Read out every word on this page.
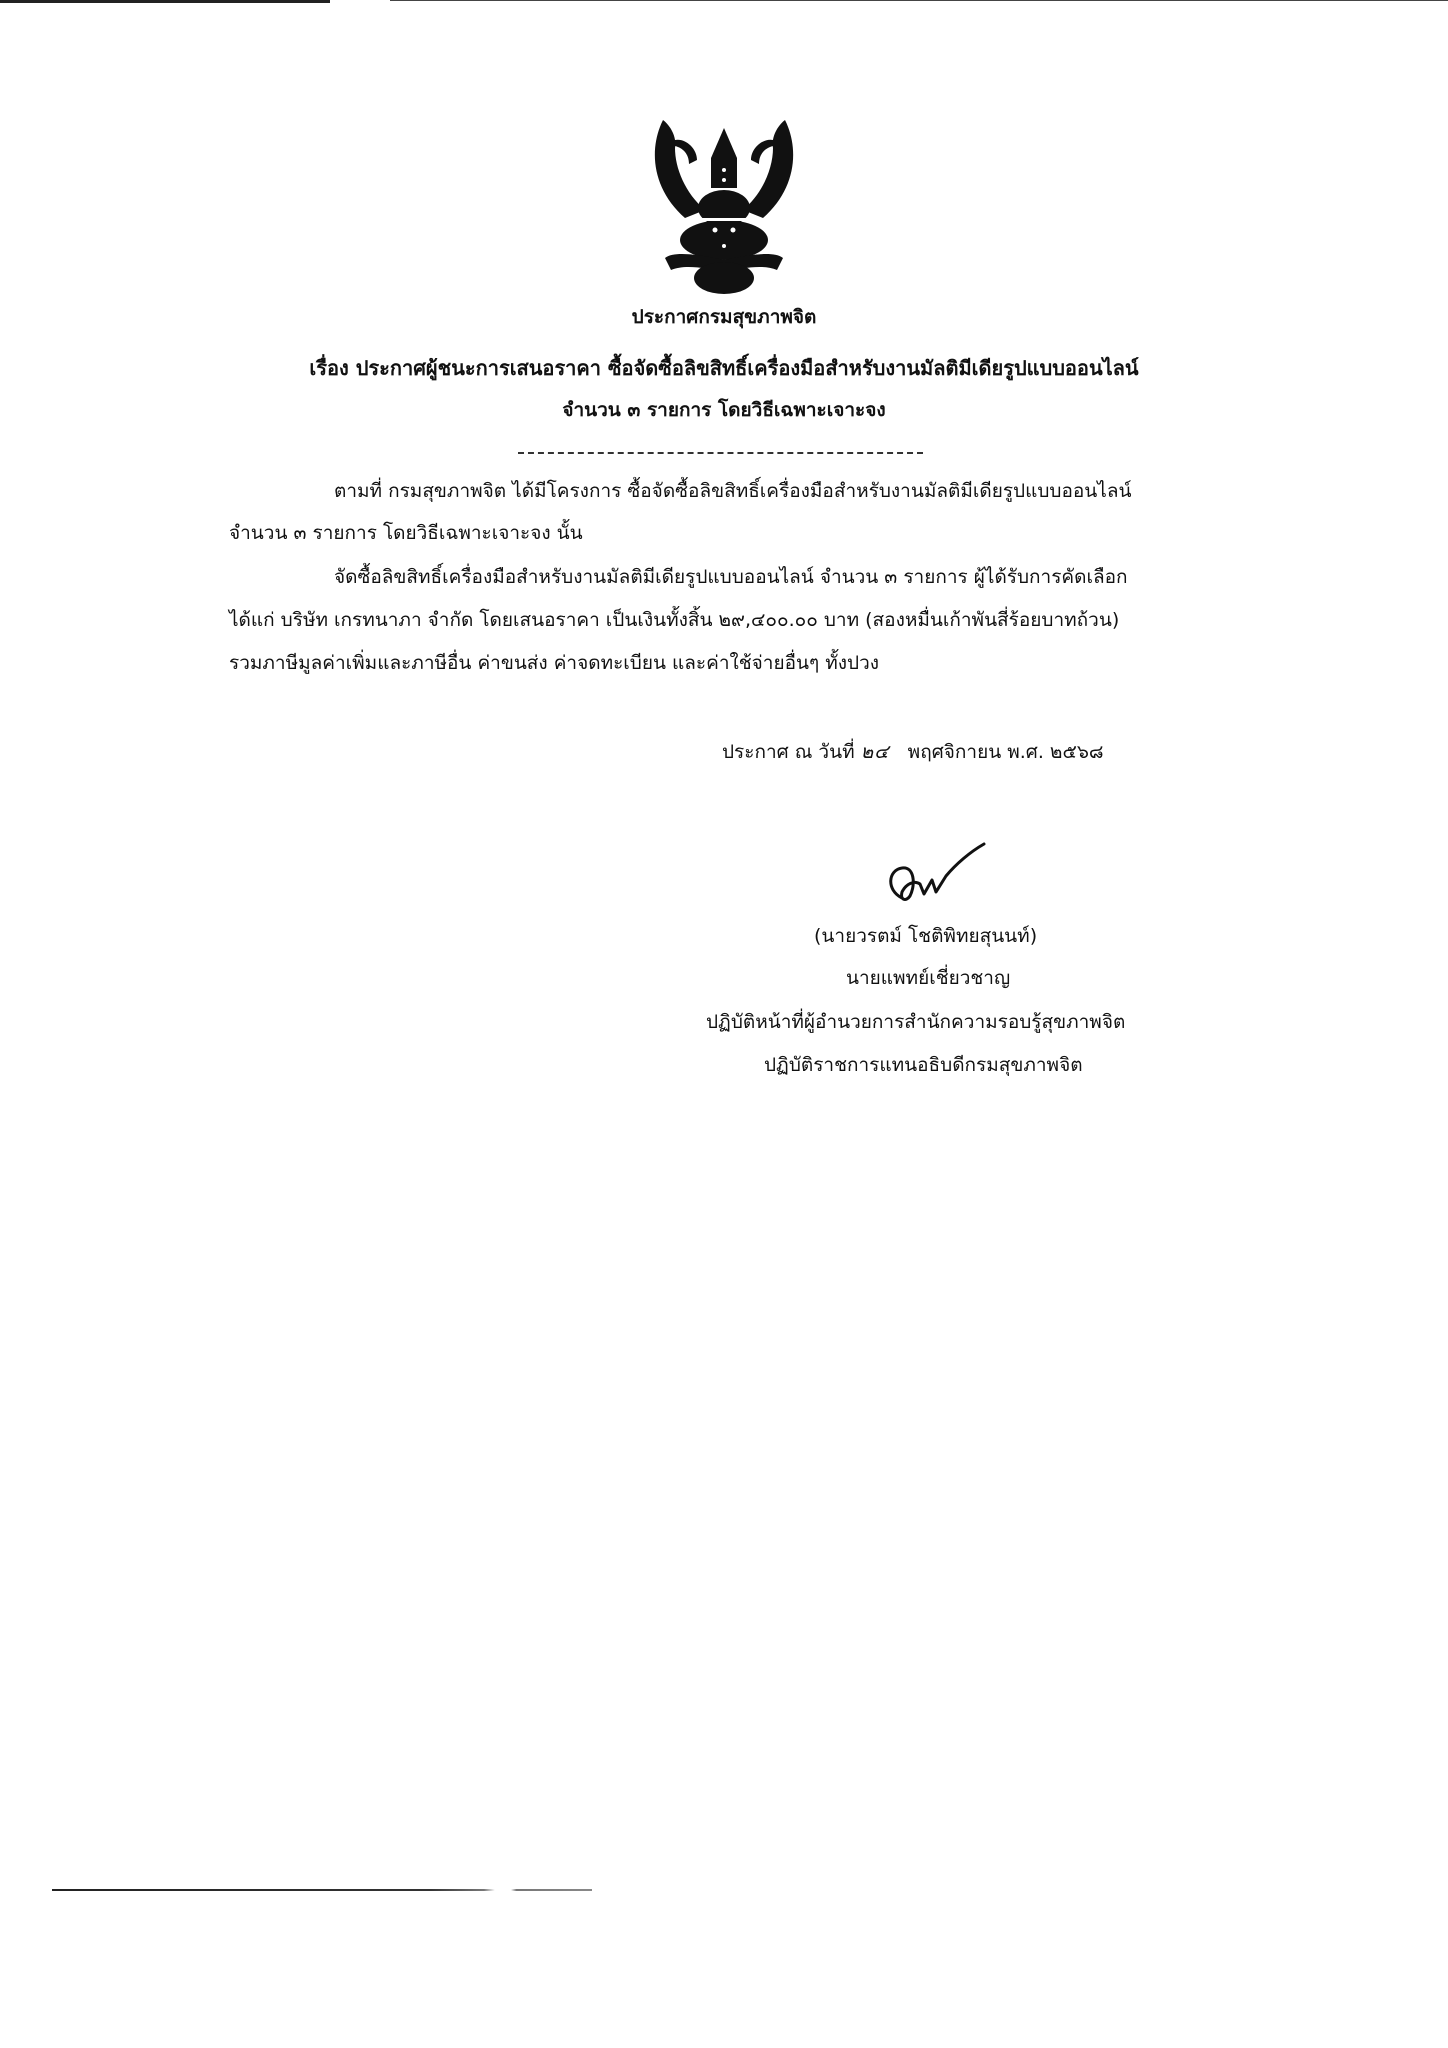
ประกาศกรมสุขภาพจิต
เรื่อง ประกาศผู้ชนะการเสนอราคา ซื้อจัดซื้อลิขสิทธิ์เครื่องมือสำหรับงานมัลติมีเดียรูปแบบออนไลน์
จำนวน ๓ รายการ โดยวิธีเฉพาะเจาะจง
ตามที่ กรมสุขภาพจิต ได้มีโครงการ ซื้อจัดซื้อลิขสิทธิ์เครื่องมือสำหรับงานมัลติมีเดียรูปแบบออนไลน์
จำนวน ๓ รายการ โดยวิธีเฉพาะเจาะจง นั้น
จัดซื้อลิขสิทธิ์เครื่องมือสำหรับงานมัลติมีเดียรูปแบบออนไลน์ จำนวน ๓ รายการ ผู้ได้รับการคัดเลือก
ได้แก่ บริษัท เกรทนาภา จำกัด โดยเสนอราคา เป็นเงินทั้งสิ้น ๒๙,๔๐๐.๐๐ บาท (สองหมื่นเก้าพันสี่ร้อยบาทถ้วน)
รวมภาษีมูลค่าเพิ่มและภาษีอื่น ค่าขนส่ง ค่าจดทะเบียน และค่าใช้จ่ายอื่นๆ ทั้งปวง
ประกาศ ณ วันที่ ๒๔ พฤศจิกายน พ.ศ. ๒๕๖๘
(นายวรตม์ โชติพิทยสุนนท์)
นายแพทย์เชี่ยวชาญ
ปฏิบัติหน้าที่ผู้อำนวยการสำนักความรอบรู้สุขภาพจิต
ปฏิบัติราชการแทนอธิบดีกรมสุขภาพจิต
